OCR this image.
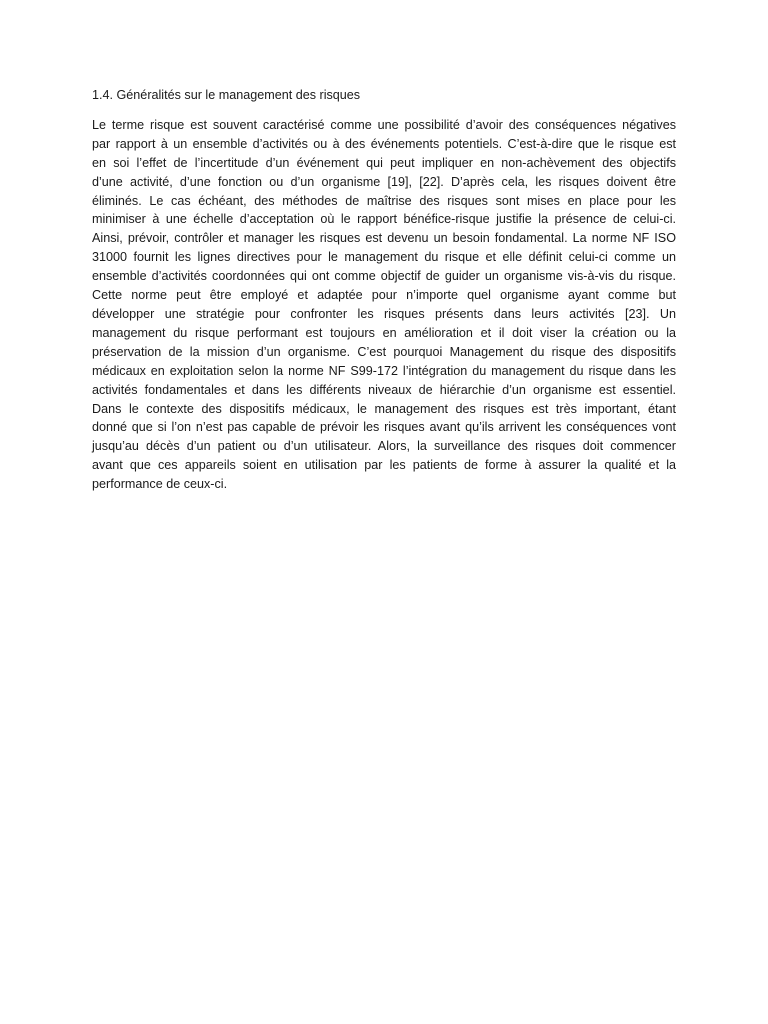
1.4. Généralités sur le management des risques

Le terme risque est souvent caractérisé comme une possibilité d’avoir des conséquences négatives
par rapport à un ensemble d’activités ou à des événements potentiels. C’est-à-dire que le risque est
en soi l’effet de l’incertitude d’un événement qui peut impliquer en non-achèvement des objectifs
d’une activité, d’une fonction ou d’un organisme [19], [22]. D’après cela, les risques doivent être
éliminés. Le cas échéant, des méthodes de maîtrise des risques sont mises en place pour les
minimiser à une échelle d’acceptation où le rapport bénéfice-risque justifie la présence de celui-ci.
Ainsi, prévoir, contrôler et manager les risques est devenu un besoin fondamental. La norme NF ISO
31000 fournit les lignes directives pour le management du risque et elle définit celui-ci comme un
ensemble d’activités coordonnées qui ont comme objectif de guider un organisme vis-à-vis du risque.
Cette norme peut être employé et adaptée pour n’importe quel organisme ayant comme but
développer une stratégie pour confronter les risques présents dans leurs activités [23]. Un
management du risque performant est toujours en amélioration et il doit viser la création ou la
préservation de la mission d’un organisme. C’est pourquoi Management du risque des dispositifs
médicaux en exploitation selon la norme NF S99-172 l’intégration du management du risque dans les
activités fondamentales et dans les différents niveaux de hiérarchie d’un organisme est essentiel.
Dans le contexte des dispositifs médicaux, le management des risques est très important, étant
donné que si l’on n’est pas capable de prévoir les risques avant qu’ils arrivent les conséquences vont
jusqu’au décès d’un patient ou d’un utilisateur. Alors, la surveillance des risques doit commencer
avant que ces appareils soient en utilisation par les patients de forme à assurer la qualité et la
performance de ceux-ci.
